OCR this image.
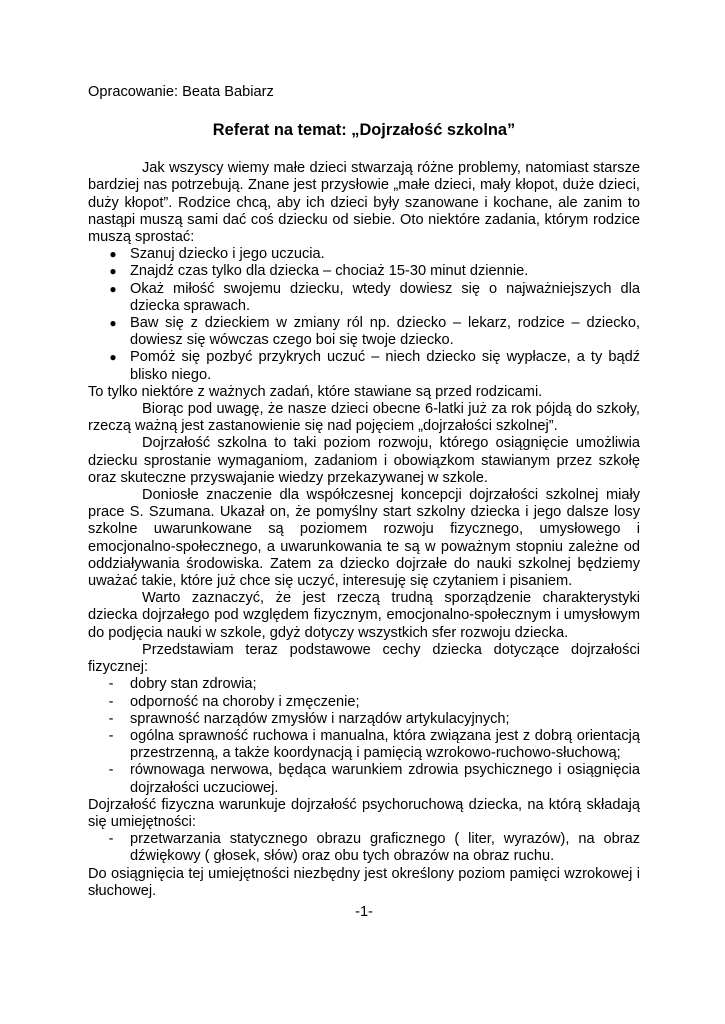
Opracowanie: Beata Babiarz

Referat na temat: „Dojrzałość szkolna”

Jak wszyscy wiemy małe dzieci stwarzają różne problemy, natomiast starsze bardziej nas potrzebują. Znane jest przysłowie „małe dzieci, mały kłopot, duże dzieci, duży kłopot”. Rodzice chcą, aby ich dzieci były szanowane i kochane, ale zanim to nastąpi muszą sami dać coś dziecku od siebie. Oto niektóre zadania, którym rodzice muszą sprostać:

● Szanuj dziecko i jego uczucia.
● Znajdź czas tylko dla dziecka – chociaż 15-30 minut dziennie.
● Okaż miłość swojemu dziecku, wtedy dowiesz się o najważniejszych dla dziecka sprawach.
● Baw się z dzieckiem w zmiany ról np. dziecko – lekarz, rodzice – dziecko, dowiesz się wówczas czego boi się twoje dziecko.
● Pomóż się pozbyć przykrych uczuć – niech dziecko się wypłacze, a ty bądź blisko niego.

To tylko niektóre z ważnych zadań, które stawiane są przed rodzicami.

Biorąc pod uwagę, że nasze dzieci obecne 6-latki już za rok pójdą do szkoły, rzeczą ważną jest zastanowienie się nad pojęciem „dojrzałości szkolnej”.

Dojrzałość szkolna to taki poziom rozwoju, którego osiągnięcie umożliwia dziecku sprostanie wymaganiom, zadaniom i obowiązkom stawianym przez szkołę oraz skuteczne przyswajanie wiedzy przekazywanej w szkole.

Doniosłe znaczenie dla współczesnej koncepcji dojrzałości szkolnej miały prace S. Szumana. Ukazał on, że pomyślny start szkolny dziecka i jego dalsze losy szkolne uwarunkowane są poziomem rozwoju fizycznego, umysłowego i emocjonalno-społecznego, a uwarunkowania te są w poważnym stopniu zależne od oddziaływania środowiska. Zatem za dziecko dojrzałe do nauki szkolnej będziemy uważać takie, które już chce się uczyć, interesuję się czytaniem i pisaniem.

Warto zaznaczyć, że jest rzeczą trudną sporządzenie charakterystyki dziecka dojrzałego pod względem fizycznym, emocjonalno-społecznym i umysłowym do podjęcia nauki w szkole, gdyż dotyczy wszystkich sfer rozwoju dziecka.

Przedstawiam teraz podstawowe cechy dziecka dotyczące dojrzałości fizycznej:

- dobry stan zdrowia;
- odporność na choroby i zmęczenie;
- sprawność narządów zmysłów i narządów artykulacyjnych;
- ogólna sprawność ruchowa i manualna, która związana jest z dobrą orientacją przestrzenną, a także koordynacją i pamięcią wzrokowo-ruchowo-słuchową;
- równowaga nerwowa, będąca warunkiem zdrowia psychicznego i osiągnięcia dojrzałości uczuciowej.

Dojrzałość fizyczna warunkuje dojrzałość psychoruchową dziecka, na którą składają się umiejętności:

- przetwarzania statycznego obrazu graficznego ( liter, wyrazów), na obraz dźwiękowy ( głosek, słów) oraz obu tych obrazów na obraz ruchu.

Do osiągnięcia tej umiejętności niezbędny jest określony poziom pamięci wzrokowej i słuchowej.

-1-
